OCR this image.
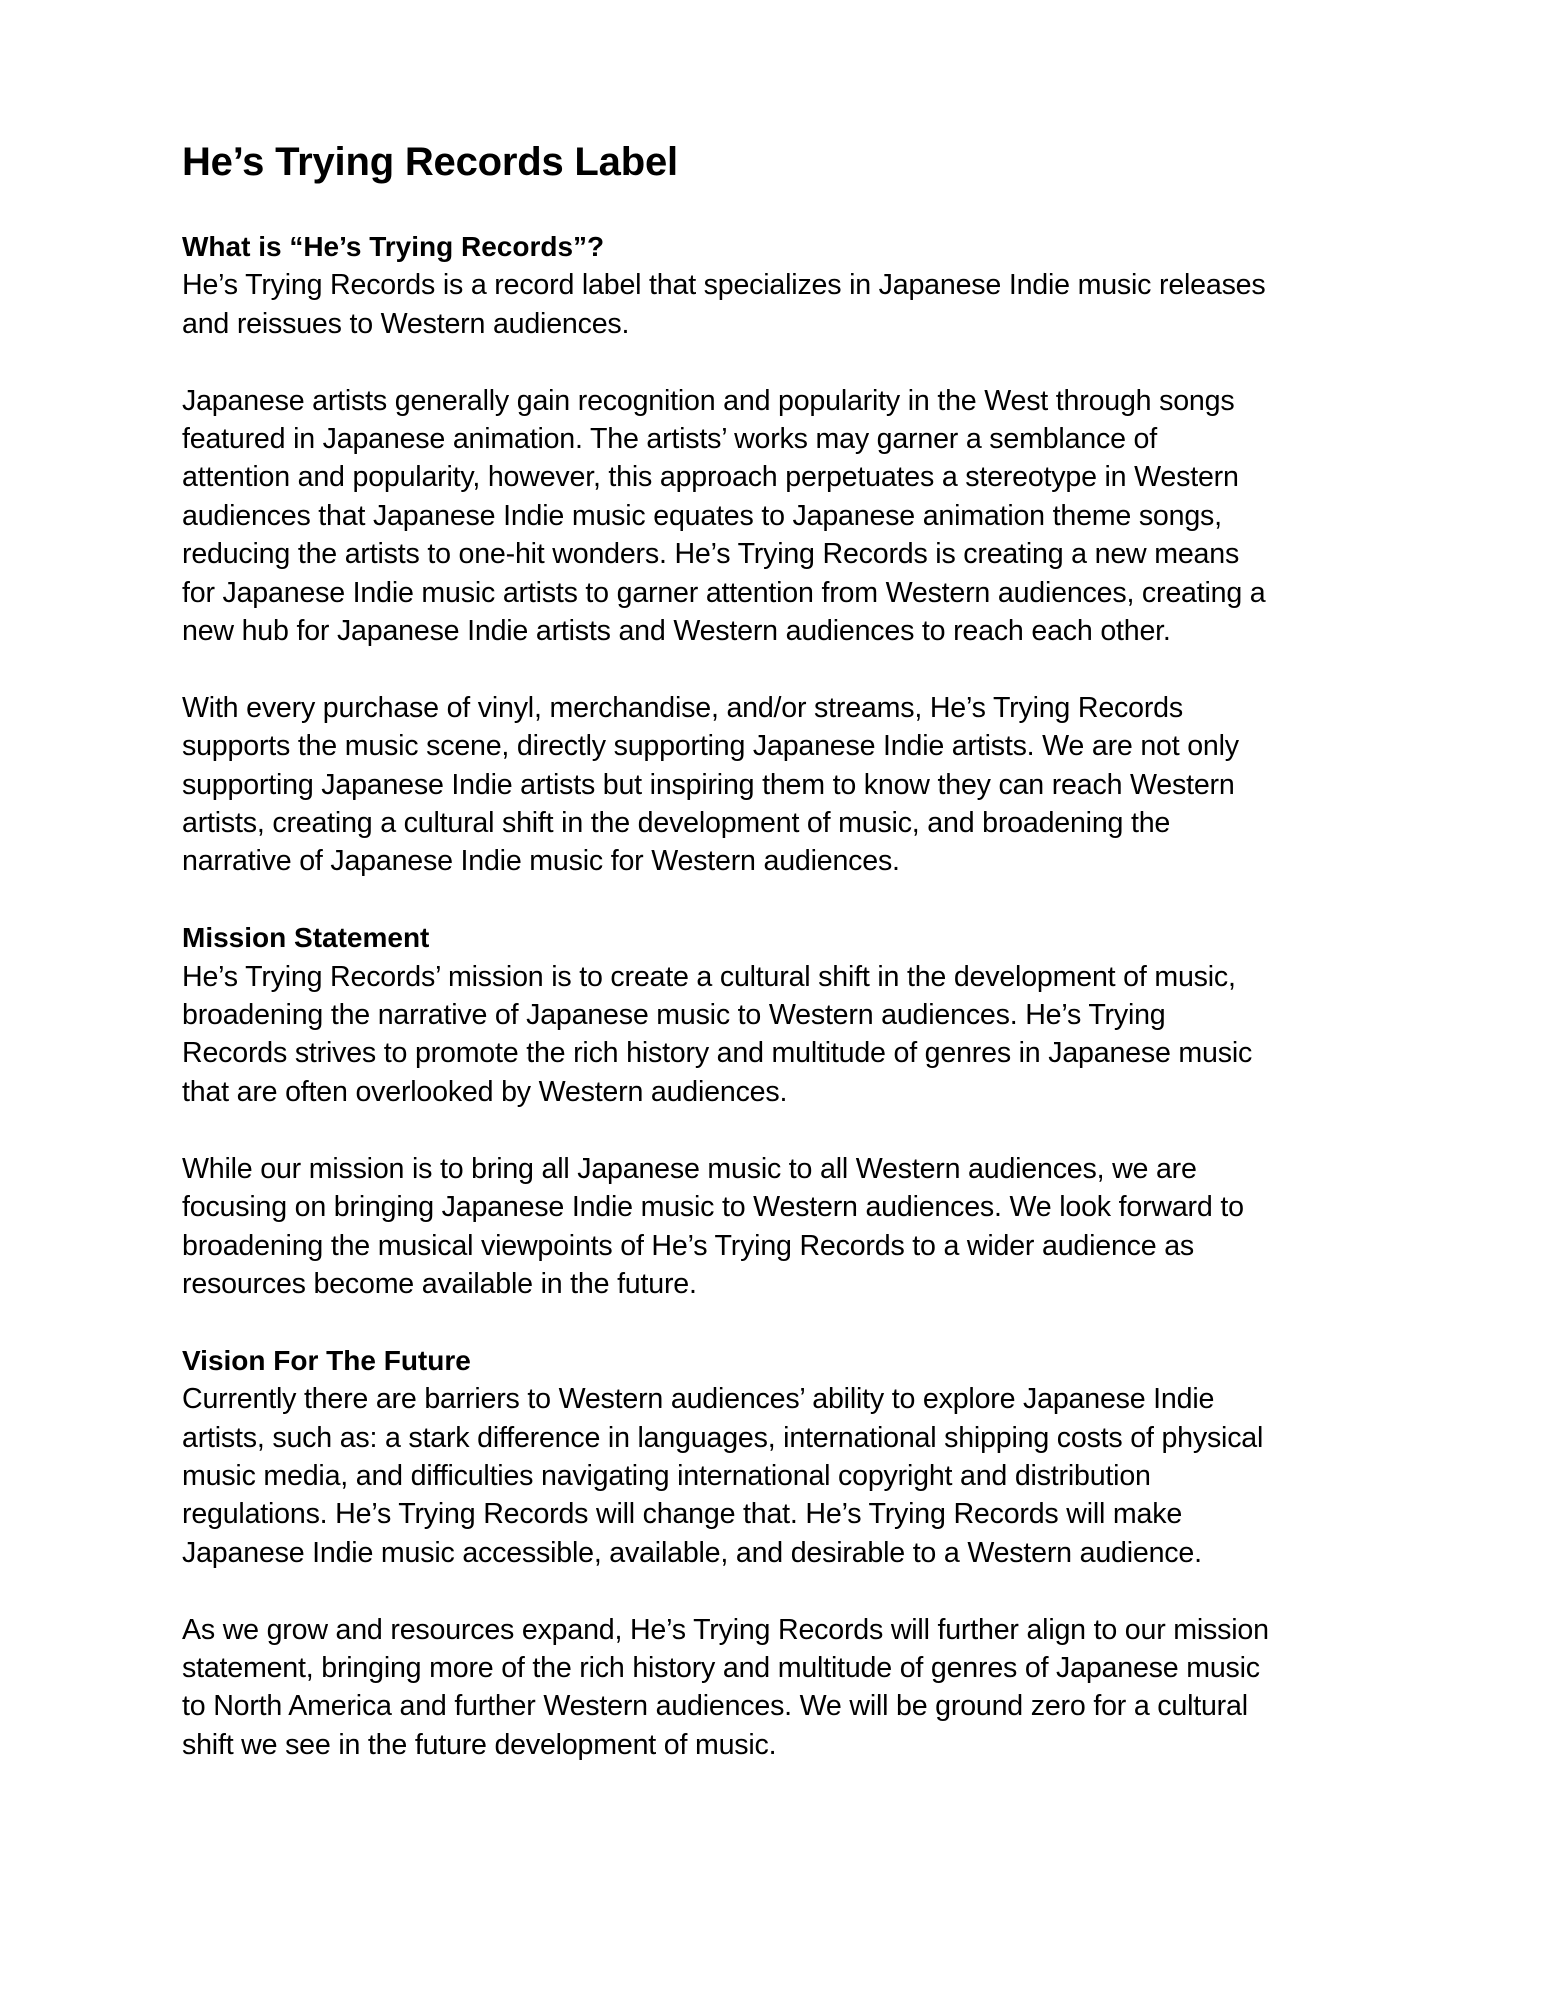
He’s Trying Records Label
What is “He’s Trying Records”?

He’s Trying Records is a record label that specializes in Japanese Indie music releases
and reissues to Western audiences.

Japanese artists generally gain recognition and popularity in the West through songs
featured in Japanese animation. The artists’ works may garner a semblance of
attention and popularity, however, this approach perpetuates a stereotype in Western
audiences that Japanese Indie music equates to Japanese animation theme songs,
reducing the artists to one-hit wonders. He’s Trying Records is creating a new means
for Japanese Indie music artists to garner attention from Western audiences, creating a
new hub for Japanese Indie artists and Western audiences to reach each other.

With every purchase of vinyl, merchandise, and/or streams, He’s Trying Records
supports the music scene, directly supporting Japanese Indie artists. We are not only
supporting Japanese Indie artists but inspiring them to know they can reach Western
artists, creating a cultural shift in the development of music, and broadening the
narrative of Japanese Indie music for Western audiences.

Mission Statement

He’s Trying Records’ mission is to create a cultural shift in the development of music,
broadening the narrative of Japanese music to Western audiences. He’s Trying
Records strives to promote the rich history and multitude of genres in Japanese music
that are often overlooked by Western audiences.

While our mission is to bring all Japanese music to all Western audiences, we are
focusing on bringing Japanese Indie music to Western audiences. We look forward to
broadening the musical viewpoints of He’s Trying Records to a wider audience as
resources become available in the future.

Vision For The Future

Currently there are barriers to Western audiences’ ability to explore Japanese Indie
artists, such as: a stark difference in languages, international shipping costs of physical
music media, and difficulties navigating international copyright and distribution
regulations. He’s Trying Records will change that. He’s Trying Records will make
Japanese Indie music accessible, available, and desirable to a Western audience.

As we grow and resources expand, He’s Trying Records will further align to our mission
statement, bringing more of the rich history and multitude of genres of Japanese music
to North America and further Western audiences. We will be ground zero for a cultural
shift we see in the future development of music.
